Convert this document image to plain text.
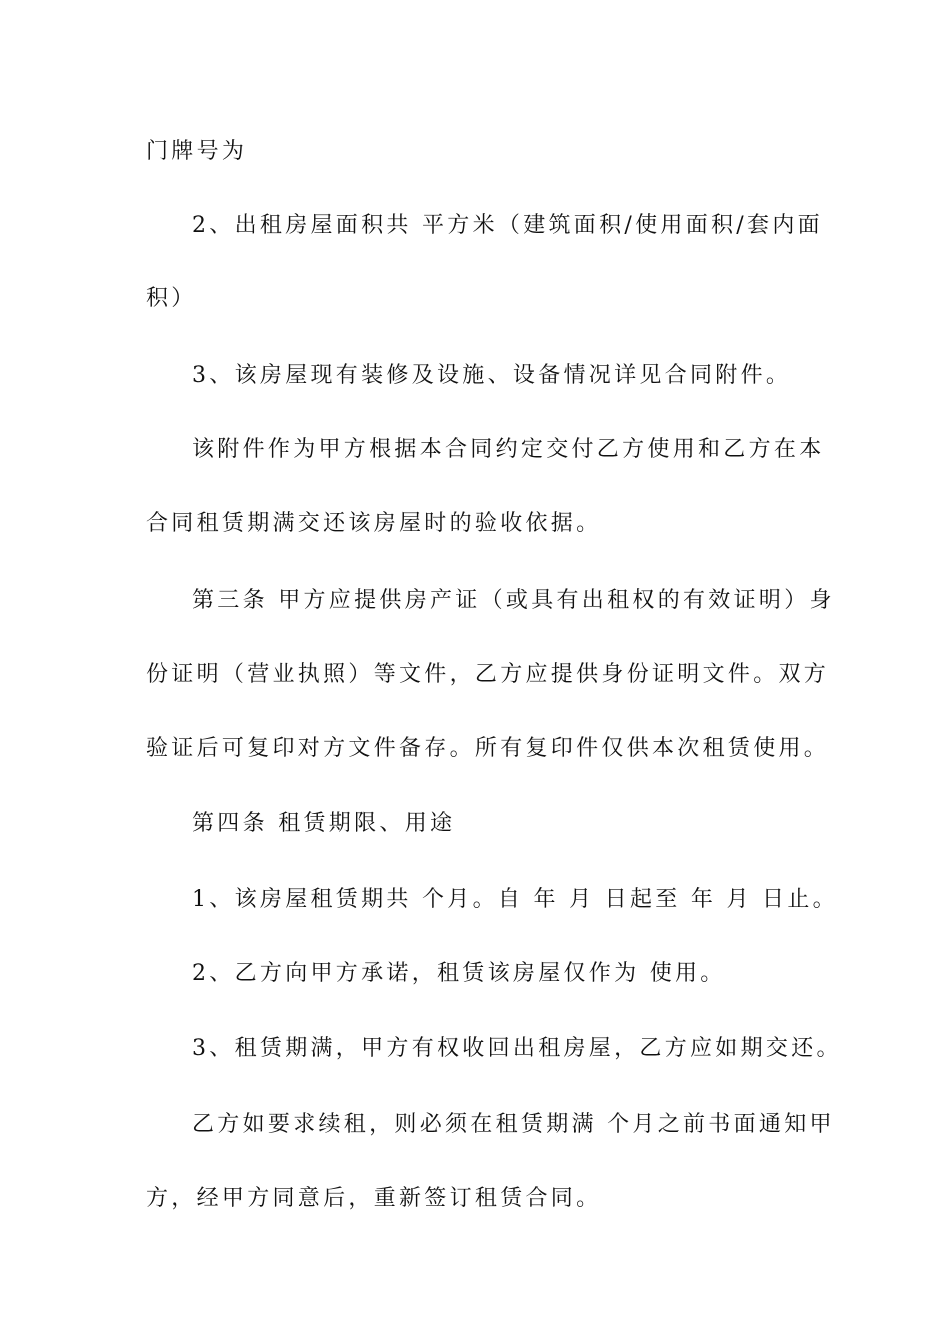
门牌号为
2、出租房屋面积共 平方米（建筑面积/使用面积/套内面
积）
3、该房屋现有装修及设施、设备情况详见合同附件。
该附件作为甲方根据本合同约定交付乙方使用和乙方在本
合同租赁期满交还该房屋时的验收依据。
第三条 甲方应提供房产证（或具有出租权的有效证明）身
份证明（营业执照）等文件，乙方应提供身份证明文件。双方
验证后可复印对方文件备存。所有复印件仅供本次租赁使用。
第四条 租赁期限、用途
1、该房屋租赁期共 个月。自 年 月 日起至 年 月 日止。
2、乙方向甲方承诺，租赁该房屋仅作为 使用。
3、租赁期满，甲方有权收回出租房屋，乙方应如期交还。
乙方如要求续租，则必须在租赁期满 个月之前书面通知甲
方，经甲方同意后，重新签订租赁合同。
